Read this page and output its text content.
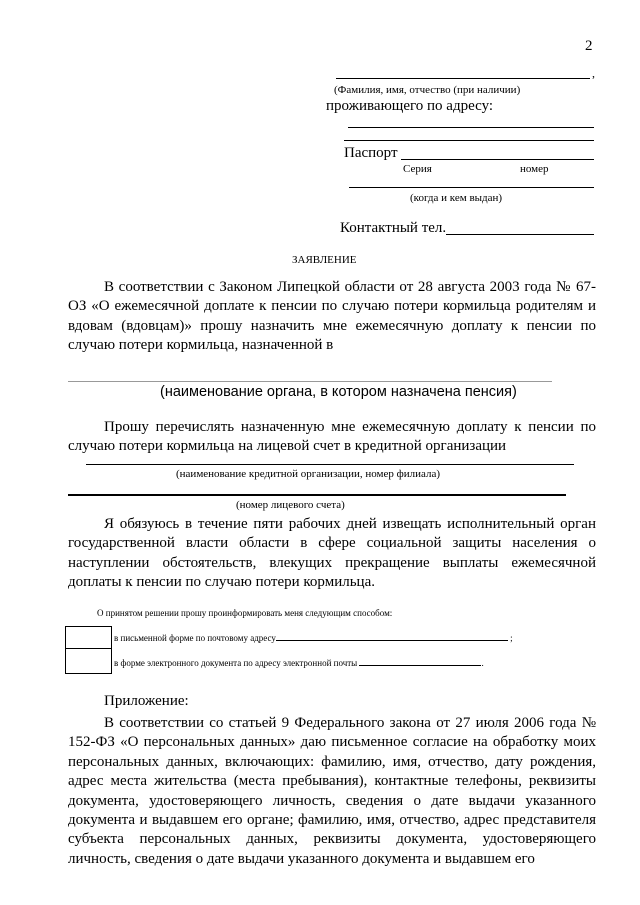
2
,
(Фамилия, имя, отчество (при наличии)
проживающего по адресу:
Паспорт
Серия	номер
(когда и кем выдан)
Контактный тел.
ЗАЯВЛЕНИЕ
В соответствии с Законом Липецкой области от 28 августа 2003 года № 67-ОЗ «О ежемесячной доплате к пенсии по случаю потери кормильца родителям и вдовам (вдовцам)» прошу назначить мне ежемесячную доплату к пенсии по случаю потери кормильца, назначенной в
(наименование органа, в котором назначена пенсия)
Прошу перечислять назначенную мне ежемесячную доплату к пенсии по случаю потери кормильца на лицевой счет в кредитной организации
(наименование кредитной организации, номер филиала)
(номер лицевого счета)
Я обязуюсь в течение пяти рабочих дней извещать исполнительный орган государственной власти области в сфере социальной защиты населения о наступлении обстоятельств, влекущих прекращение выплаты ежемесячной доплаты к пенсии по случаю потери кормильца.
О принятом решении прошу проинформировать меня следующим способом:
в письменной форме по почтовому адресу	;
в форме электронного документа по адресу электронной почты	.
Приложение:
В соответствии со статьей 9 Федерального закона от 27 июля 2006 года № 152-ФЗ «О персональных данных» даю письменное согласие на обработку моих персональных данных, включающих: фамилию, имя, отчество, дату рождения, адрес места жительства (места пребывания), контактные телефоны, реквизиты документа, удостоверяющего личность, сведения о дате выдачи указанного документа и выдавшем его органе; фамилию, имя, отчество, адрес представителя субъекта персональных данных, реквизиты документа, удостоверяющего личность, сведения о дате выдачи указанного документа и выдавшем его
